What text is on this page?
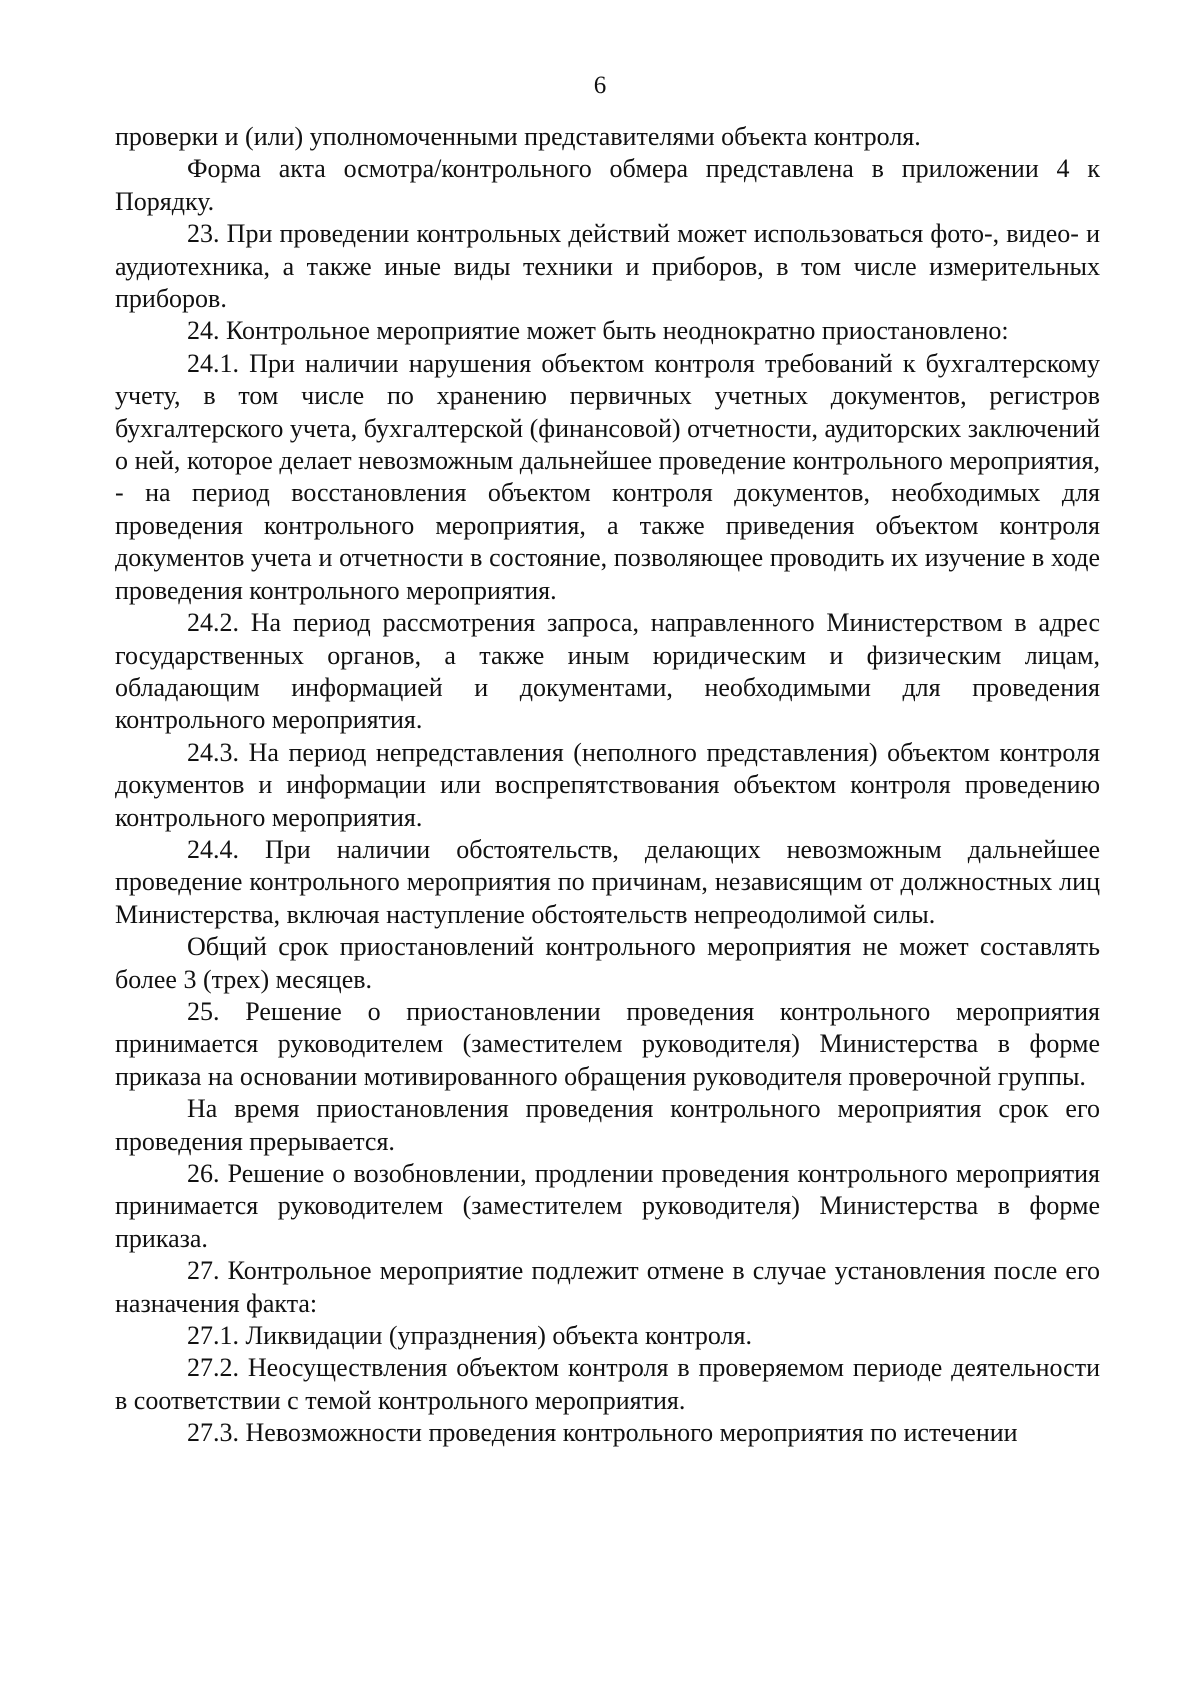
6

проверки и (или) уполномоченными представителями объекта контроля.

Форма акта осмотра/контрольного обмера представлена в приложении 4 к Порядку.

23. При проведении контрольных действий может использоваться фото-, видео- и аудиотехника, а также иные виды техники и приборов, в том числе измерительных приборов.

24. Контрольное мероприятие может быть неоднократно приостановлено:

24.1. При наличии нарушения объектом контроля требований к бухгалтерскому учету, в том числе по хранению первичных учетных документов, регистров бухгалтерского учета, бухгалтерской (финансовой) отчетности, аудиторских заключений о ней, которое делает невозможным дальнейшее проведение контрольного мероприятия, - на период восстановления объектом контроля документов, необходимых для проведения контрольного мероприятия, а также приведения объектом контроля документов учета и отчетности в состояние, позволяющее проводить их изучение в ходе проведения контрольного мероприятия.

24.2. На период рассмотрения запроса, направленного Министерством в адрес государственных органов, а также иным юридическим и физическим лицам, обладающим информацией и документами, необходимыми для проведения контрольного мероприятия.

24.3. На период непредставления (неполного представления) объектом контроля документов и информации или воспрепятствования объектом контроля проведению контрольного мероприятия.

24.4. При наличии обстоятельств, делающих невозможным дальнейшее проведение контрольного мероприятия по причинам, независящим от должностных лиц Министерства, включая наступление обстоятельств непреодолимой силы.

Общий срок приостановлений контрольного мероприятия не может составлять более 3 (трех) месяцев.

25. Решение о приостановлении проведения контрольного мероприятия принимается руководителем (заместителем руководителя) Министерства в форме приказа на основании мотивированного обращения руководителя проверочной группы.

На время приостановления проведения контрольного мероприятия срок его проведения прерывается.

26. Решение о возобновлении, продлении проведения контрольного мероприятия принимается руководителем (заместителем руководителя) Министерства в форме приказа.

27. Контрольное мероприятие подлежит отмене в случае установления после его назначения факта:

27.1. Ликвидации (упразднения) объекта контроля.

27.2. Неосуществления объектом контроля в проверяемом периоде деятельности в соответствии с темой контрольного мероприятия.

27.3. Невозможности проведения контрольного мероприятия по истечении
